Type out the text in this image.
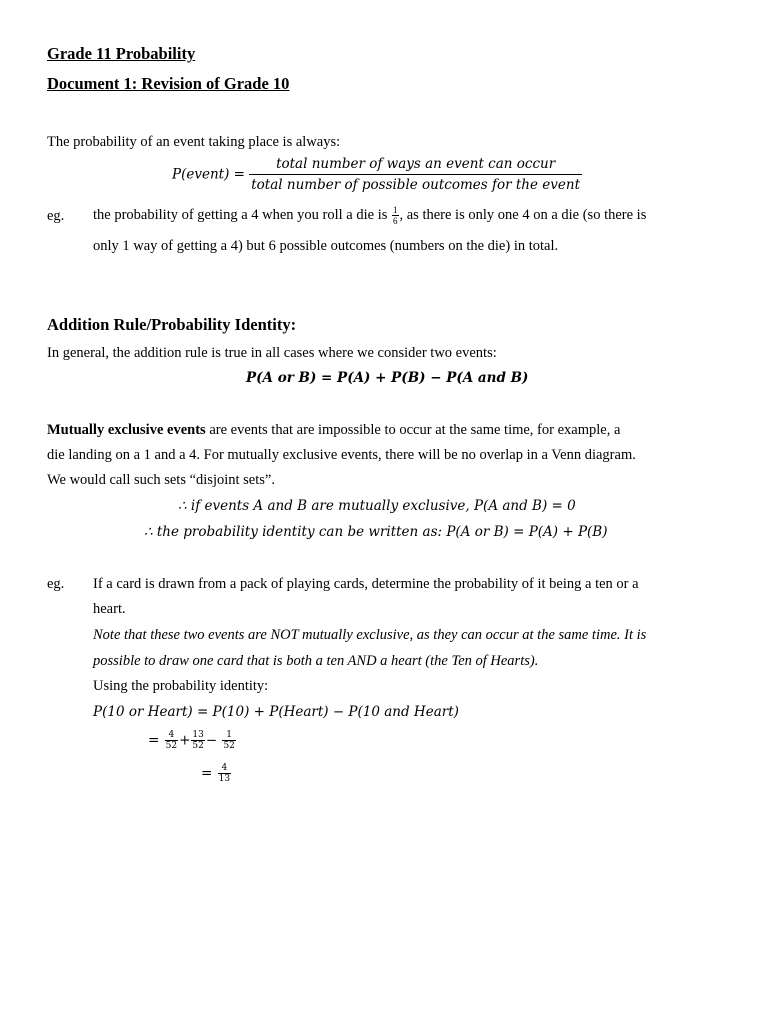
Grade 11 Probability
Document 1: Revision of Grade 10
The probability of an event taking place is always:
P(event) =
total number of ways an event can occur
total number of possible outcomes for the event
eg. the probability of getting a 4 when you roll a die is $\frac{1}{6}$ , as there is only one 4 on a die (so there is
only 1 way of getting a 4) but 6 possible outcomes (numbers on the die) in total.
Addition Rule/Probability Identity:
In general, the addition rule is true in all cases where we consider two events:
P(A or B) = P(A) + P(B) − P(A and B)
Mutually exclusive events are events that are impossible to occur at the same time, for example, a
die landing on a 1 and a 4. For mutually exclusive events, there will be no overlap in a Venn diagram.
We would call such sets “disjoint sets”.
∴ if events A and B are mutually exclusive, P(A and B) = 0
∴ the probability identity can be written as: P(A or B) = P(A) + P(B)
eg. If a card is drawn from a pack of playing cards, determine the probability of it being a ten or a
heart.
Note that these two events are NOT mutually exclusive, as they can occur at the same time. It is
possible to draw one card that is both a ten AND a heart (the Ten of Hearts).
Using the probability identity:
P(10 or Heart) = P(10) + P(Heart) − P(10 and Heart)
= $\frac{4}{52} + \frac{13}{52} - \frac{1}{52}$
= $\frac{4}{13}$
